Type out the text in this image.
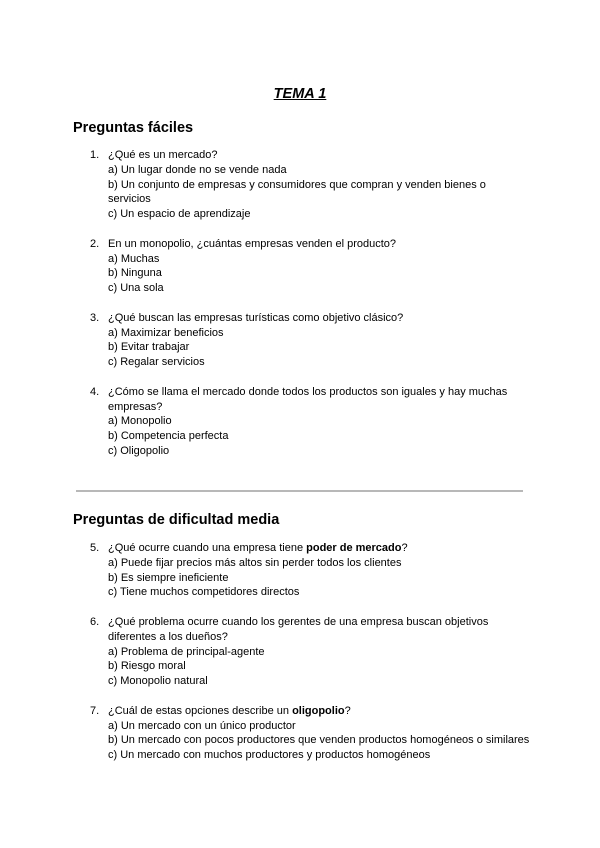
TEMA 1
Preguntas fáciles
1. ¿Qué es un mercado?
a) Un lugar donde no se vende nada
b) Un conjunto de empresas y consumidores que compran y venden bienes o servicios
c) Un espacio de aprendizaje
2. En un monopolio, ¿cuántas empresas venden el producto?
a) Muchas
b) Ninguna
c) Una sola
3. ¿Qué buscan las empresas turísticas como objetivo clásico?
a) Maximizar beneficios
b) Evitar trabajar
c) Regalar servicios
4. ¿Cómo se llama el mercado donde todos los productos son iguales y hay muchas empresas?
a) Monopolio
b) Competencia perfecta
c) Oligopolio
Preguntas de dificultad media
5. ¿Qué ocurre cuando una empresa tiene poder de mercado?
a) Puede fijar precios más altos sin perder todos los clientes
b) Es siempre ineficiente
c) Tiene muchos competidores directos
6. ¿Qué problema ocurre cuando los gerentes de una empresa buscan objetivos diferentes a los dueños?
a) Problema de principal-agente
b) Riesgo moral
c) Monopolio natural
7. ¿Cuál de estas opciones describe un oligopolio?
a) Un mercado con un único productor
b) Un mercado con pocos productores que venden productos homogéneos o similares
c) Un mercado con muchos productores y productos homogéneos
